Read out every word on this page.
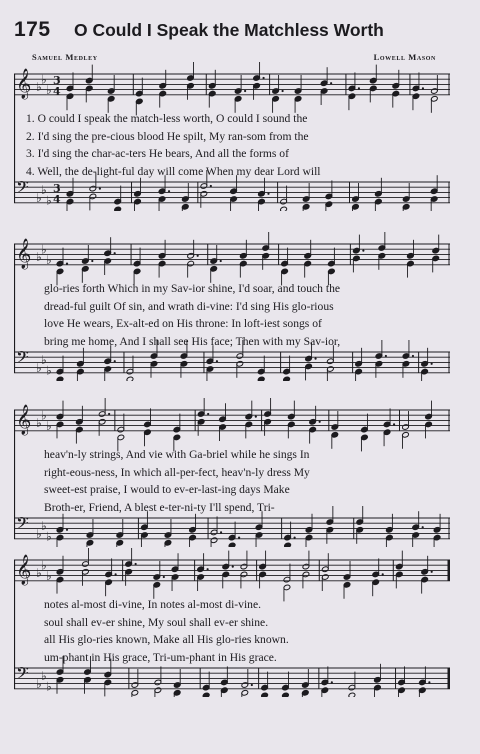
175 O Could I Speak the Matchless Worth
Samuel Medley	Lowell Mason
𝄞 ♭
♭
♭
3
4
𝄢 ♭
♭
♭
3
4
1. O could I speak the match-less worth, O could I sound the
2. I'd sing the pre-cious blood He spilt, My ran-som from the
3. I'd sing the char-ac-ters He bears, And all the forms of
4. Well, the de-light-ful day will come When my dear Lord will
𝄞 ♭
♭
♭
𝄢 ♭
♭
♭
glo-ries forth Which in my Sav-ior shine, I'd soar, and touch the
dread-ful guilt Of sin, and wrath di-vine: I'd sing His glo-rious
love He wears, Ex-alt-ed on His throne: In loft-iest songs of
bring me home, And I shall see His face; Then with my Sav-ior,
𝄞 ♭
♭
♭
𝄢 ♭
♭
♭
heav'n-ly strings, And vie with Ga-briel while he sings In
right-eous-ness, In which all-per-fect, heav'n-ly dress My
sweet-est praise, I would to ev-er-last-ing days Make
Broth-er, Friend, A blest e-ter-ni-ty I'll spend, Tri-
𝄞 ♭
♭
♭
𝄢 ♭
♭
♭
notes al-most di-vine, In notes al-most di-vine.
soul shall ev-er shine, My soul shall ev-er shine.
all His glo-ries known, Make all His glo-ries known.
um-phant in His grace, Tri-um-phant in His grace.
